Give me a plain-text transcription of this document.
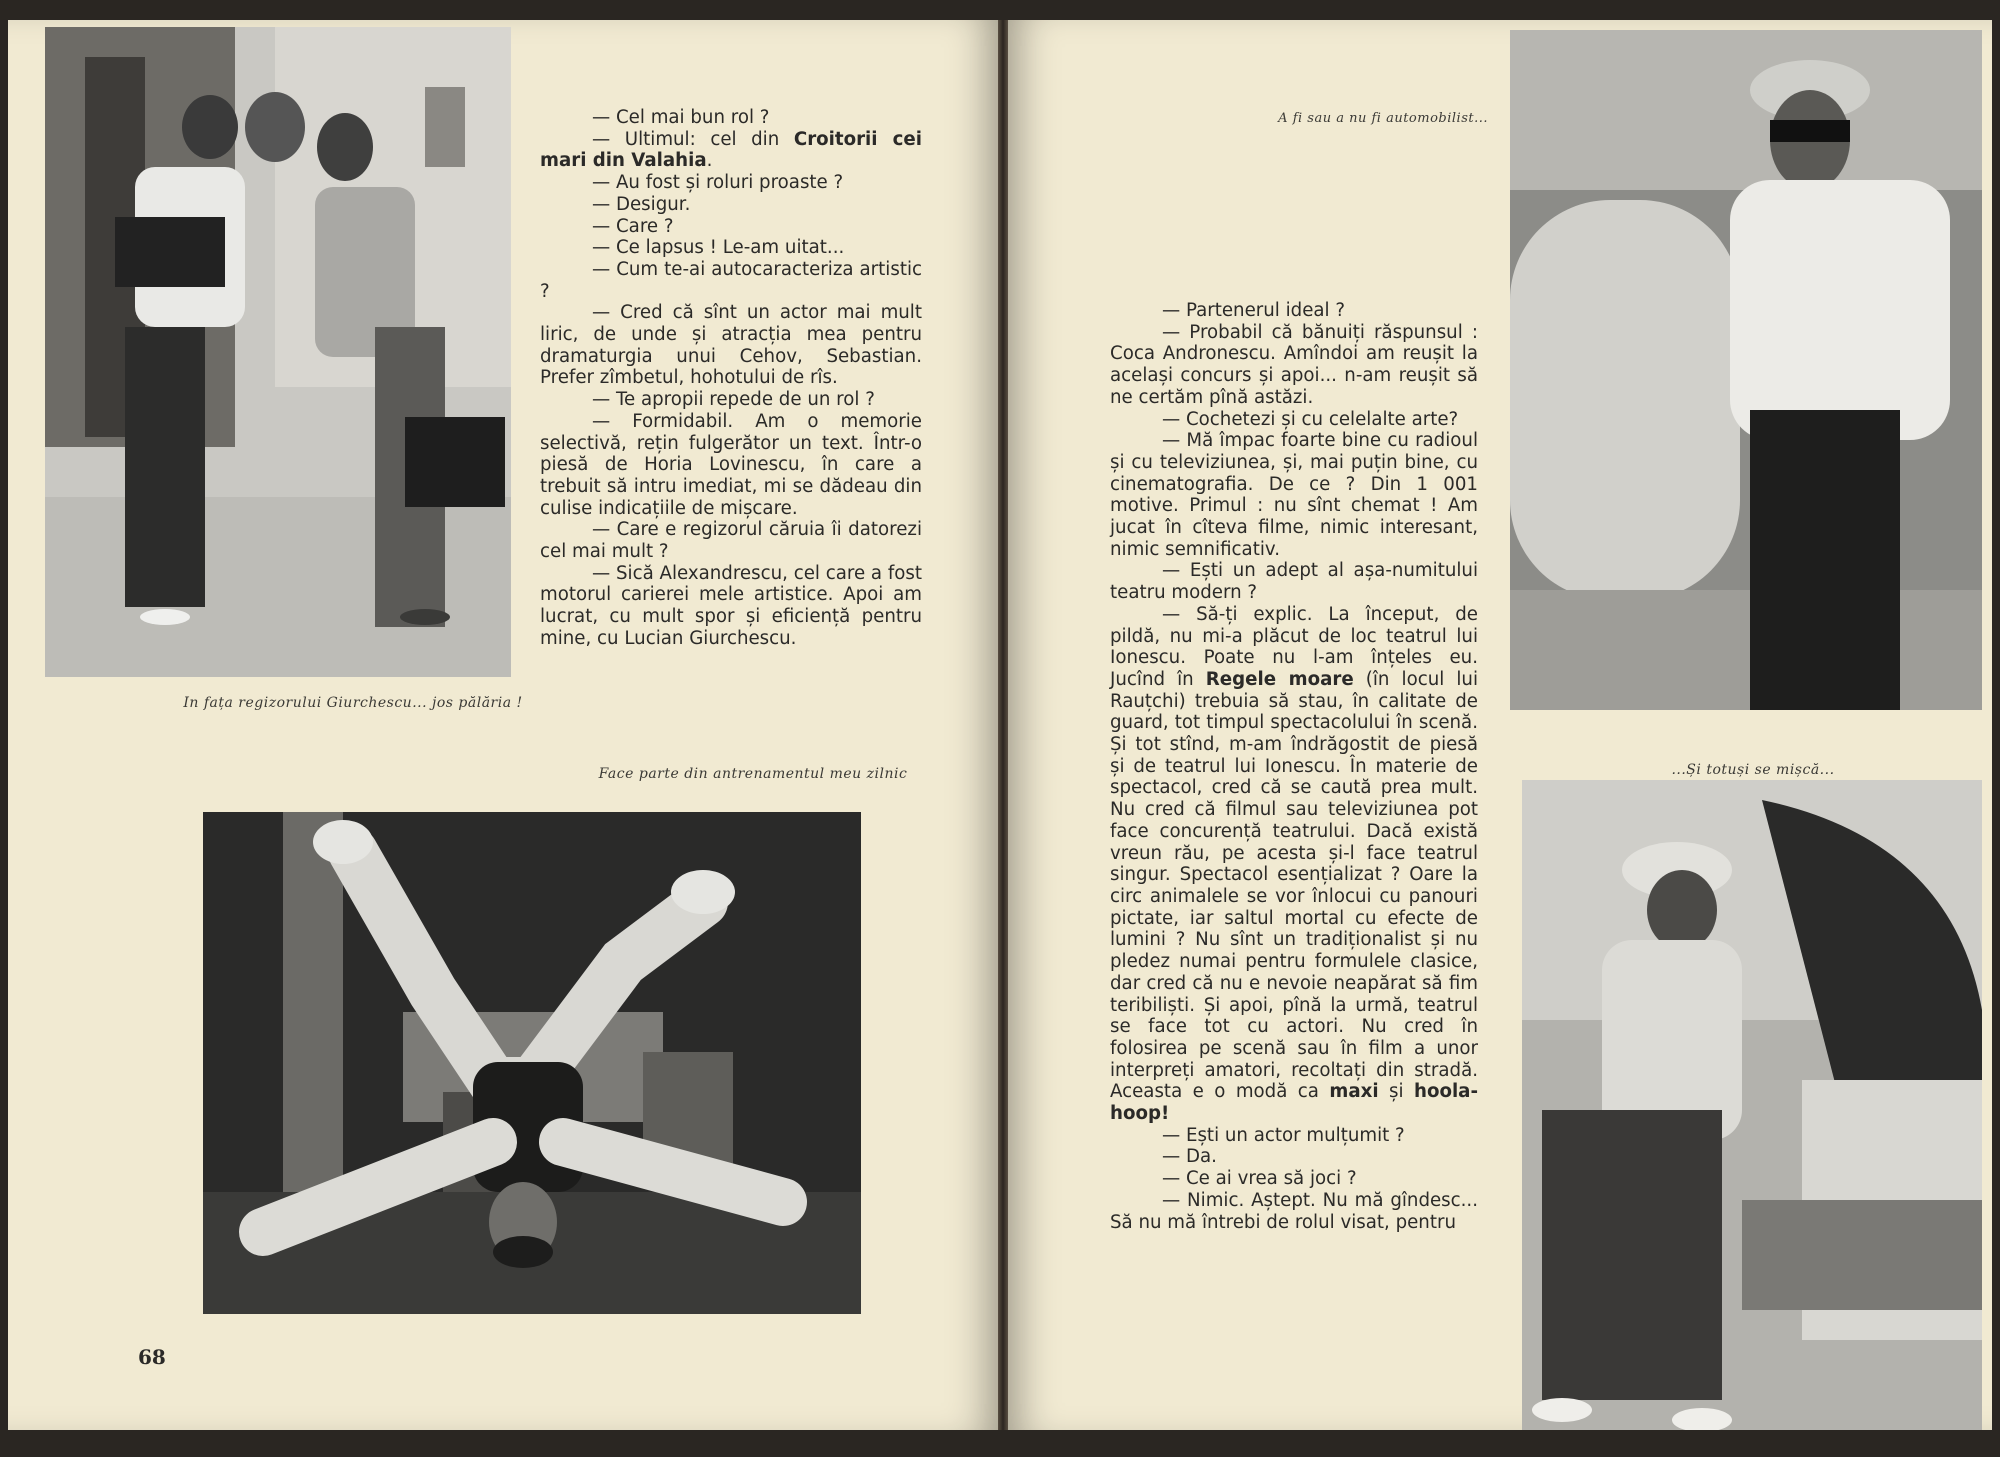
In fața regizorului Giurchescu... jos pălăria !

— Cel mai bun rol ?

— Ultimul: cel din Croitorii cei mari din Valahia.

— Au fost și roluri proaste ?

— Desigur.

— Care ?

— Ce lapsus ! Le-am uitat...

— Cum te-ai autocaracteriza artistic ?

— Cred că sînt un actor mai mult liric, de unde și atracția mea pentru dramaturgia unui Cehov, Sebastian. Prefer zîmbetul, hohotului de rîs.

— Te apropii repede de un rol ?

— Formidabil. Am o memorie selectivă, rețin fulgerător un text. Într-o piesă de Horia Lovinescu, în care a trebuit să intru imediat, mi se dădeau din culise indicațiile de mișcare.

— Care e regizorul căruia îi datorezi cel mai mult ?

— Sică Alexandrescu, cel care a fost motorul carierei mele artistice. Apoi am lucrat, cu mult spor și eficiență pentru mine, cu Lucian Giurchescu.

Face parte din antrenamentul meu zilnic
68
A fi sau a nu fi automobilist...

— Partenerul ideal ?

— Probabil că bănuiți răspunsul : Coca Andronescu. Amîndoi am reușit la același concurs și apoi... n-am reușit să ne certăm pînă astăzi.

— Cochetezi și cu celelalte arte?

— Mă împac foarte bine cu radioul și cu televiziunea, și, mai puțin bine, cu cinematografia. De ce ? Din 1 001 motive. Primul : nu sînt chemat ! Am jucat în cîteva filme, nimic interesant, nimic semnificativ.

— Ești un adept al așa-numitului teatru modern ?

— Să-ți explic. La început, de pildă, nu mi-a plăcut de loc teatrul lui Ionescu. Poate nu l-am înțeles eu. Jucînd în Regele moare (în locul lui Rauțchi) trebuia să stau, în calitate de guard, tot timpul spectacolului în scenă. Și tot stînd, m-am îndrăgostit de piesă și de teatrul lui Ionescu. În materie de spectacol, cred că se caută prea mult. Nu cred că filmul sau televiziunea pot face concurență teatrului. Dacă există vreun rău, pe acesta și-l face teatrul singur. Spectacol esențializat ? Oare la circ animalele se vor înlocui cu panouri pictate, iar saltul mortal cu efecte de lumini ? Nu sînt un tradiționalist și nu pledez numai pentru formulele clasice, dar cred că nu e nevoie neapărat să fim teribiliști. Și apoi, pînă la urmă, teatrul se face tot cu actori. Nu cred în folosirea pe scenă sau în film a unor interpreți amatori, recoltați din stradă. Aceasta e o modă ca maxi și hoola-hoop!

— Ești un actor mulțumit ?

— Da.

— Ce ai vrea să joci ?

— Nimic. Aștept. Nu mă gîndesc... Să nu mă întrebi de rolul visat, pentru

...Și totuși se mișcă...
